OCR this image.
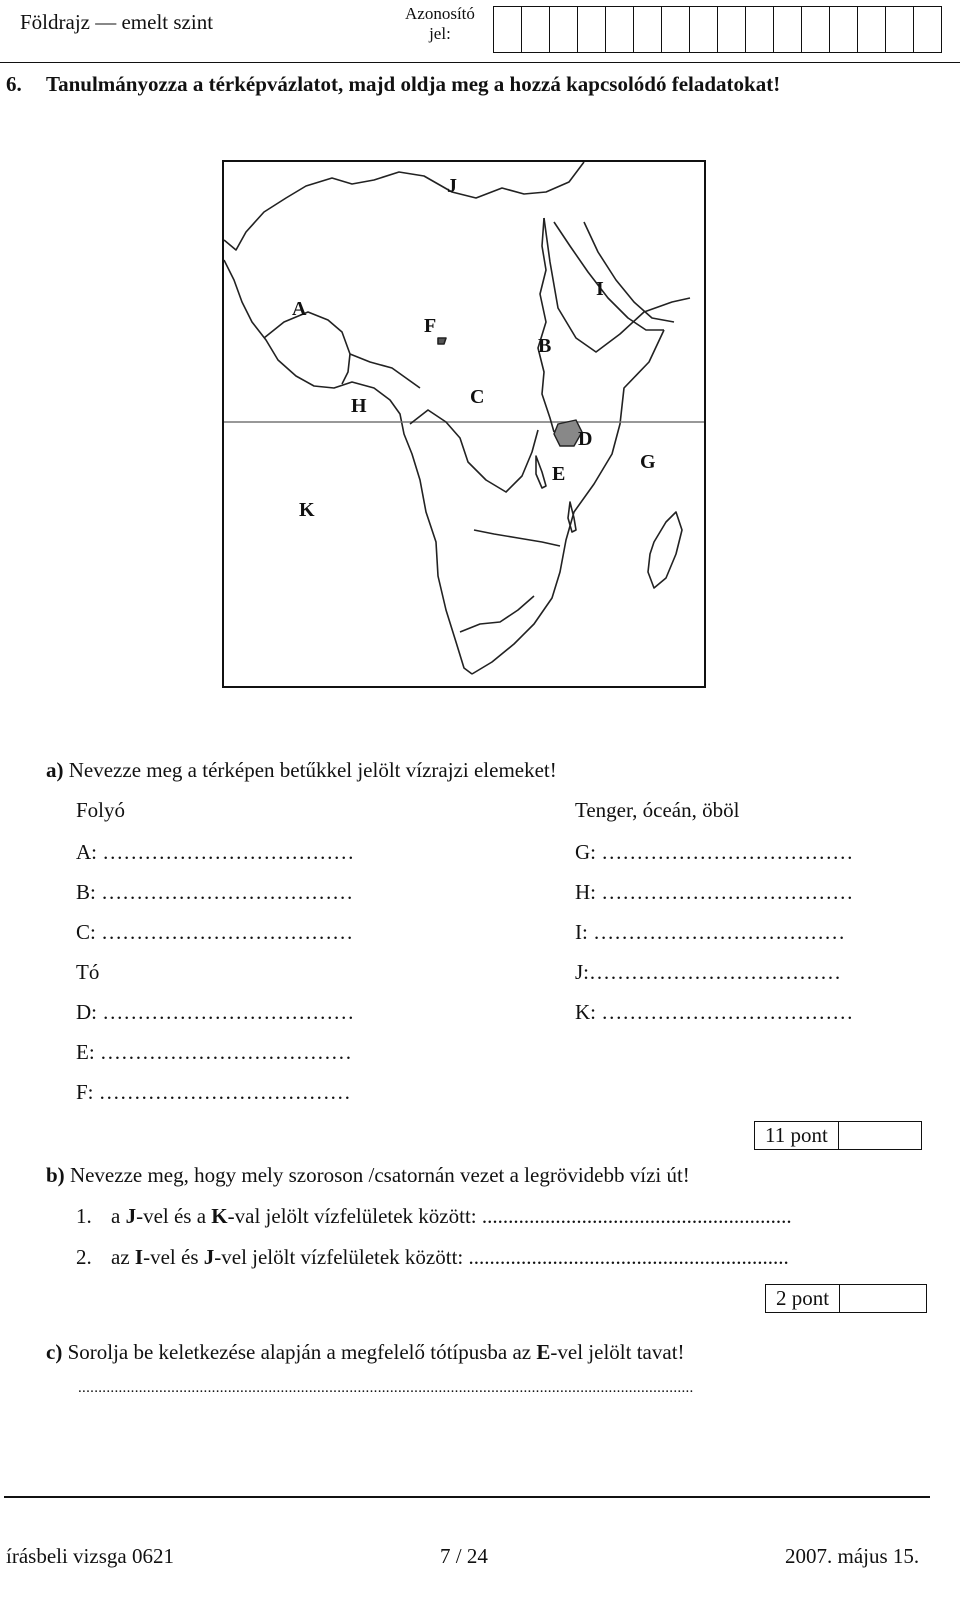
Földrajz — emelt szint	Azonosító
jel:
6. Tanulmányozza a térképvázlatot, majd oldja meg a hozzá kapcsolódó feladatokat!
J
I
A
F
B
C
H
D
E
G
K
a) Nevezze meg a térképen betűkkel jelölt vízrajzi elemeket!
Folyó	Tenger, óceán, öböl
A: ………………………………
B: ………………………………
C: ………………………………
Tó
D: ………………………………
E: ………………………………
F: ………………………………
G: ………………………………
H: ………………………………
I: ………………………………
J:………………………………
K: ………………………………
11 pont
b) Nevezze meg, hogy mely szoroson /csatornán vezet a legrövidebb vízi út!
1. a J-vel és a K-val jelölt vízfelületek között: ...........................................................
2. az I-vel és J-vel jelölt vízfelületek között: .............................................................
2 pont
c) Sorolja be keletkezése alapján a megfelelő tótípusba az E-vel jelölt tavat!
........................................................................................................................................................
írásbeli vizsga 0621	7 / 24	2007. május 15.
